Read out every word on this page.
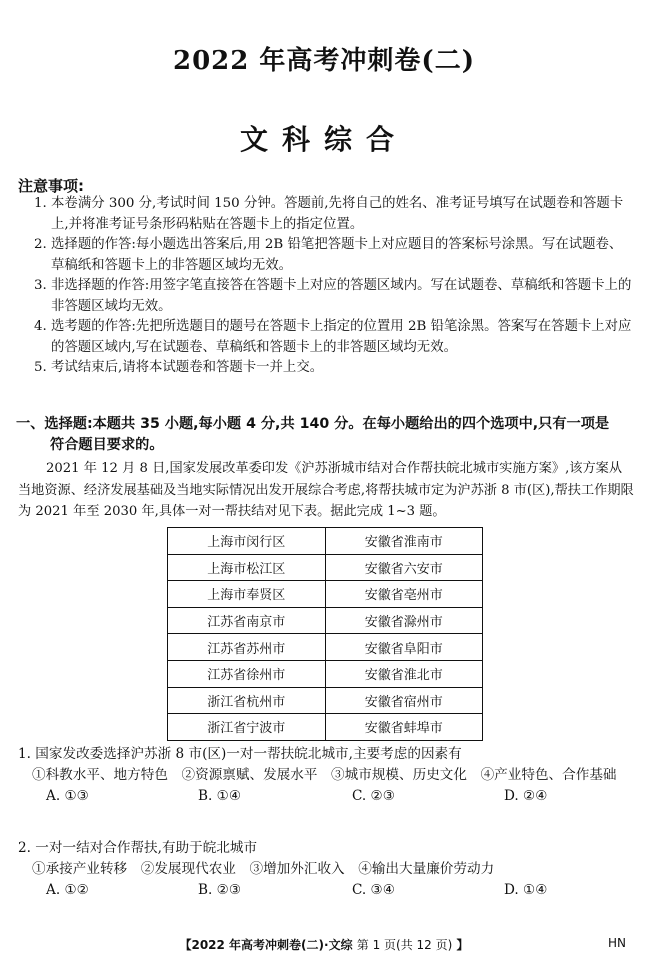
2022 年高考冲刺卷(二)
文科综合
注意事项:
1. 本卷满分 300 分,考试时间 150 分钟。答题前,先将自己的姓名、准考证号填写在试题卷和答题卡上,并将准考证号条形码粘贴在答题卡上的指定位置。
2. 选择题的作答:每小题选出答案后,用 2B 铅笔把答题卡上对应题目的答案标号涂黑。写在试题卷、草稿纸和答题卡上的非答题区域均无效。
3. 非选择题的作答:用签字笔直接答在答题卡上对应的答题区域内。写在试题卷、草稿纸和答题卡上的非答题区域均无效。
4. 选考题的作答:先把所选题目的题号在答题卡上指定的位置用 2B 铅笔涂黑。答案写在答题卡上对应的答题区域内,写在试题卷、草稿纸和答题卡上的非答题区域均无效。
5. 考试结束后,请将本试题卷和答题卡一并上交。
一、选择题:本题共 35 小题,每小题 4 分,共 140 分。在每小题给出的四个选项中,只有一项是
符合题目要求的。

2021 年 12 月 8 日,国家发展改革委印发《沪苏浙城市结对合作帮扶皖北城市实施方案》,该方案从当地资源、经济发展基础及当地实际情况出发开展综合考虑,将帮扶城市定为沪苏浙 8 市(区),帮扶工作期限为 2021 年至 2030 年,具体一对一帮扶结对见下表。据此完成 1~3 题。

上海市闵行区	安徽省淮南市
上海市松江区	安徽省六安市
上海市奉贤区	安徽省亳州市
江苏省南京市	安徽省滁州市
江苏省苏州市	安徽省阜阳市
江苏省徐州市	安徽省淮北市
浙江省杭州市	安徽省宿州市
浙江省宁波市	安徽省蚌埠市

1. 国家发改委选择沪苏浙 8 市(区)一对一帮扶皖北城市,主要考虑的因素有

①科教水平、地方特色　②资源禀赋、发展水平　③城市规模、历史文化　④产业特色、合作基础

A. ①③	B. ①④	C. ②③	D. ②④

2. 一对一结对合作帮扶,有助于皖北城市

①承接产业转移　②发展现代农业　③增加外汇收入　④输出大量廉价劳动力

A. ①②	B. ②③	C. ③④	D. ①④
【2022 年高考冲刺卷(二)·文综 第 1 页(共 12 页) 】	HN
